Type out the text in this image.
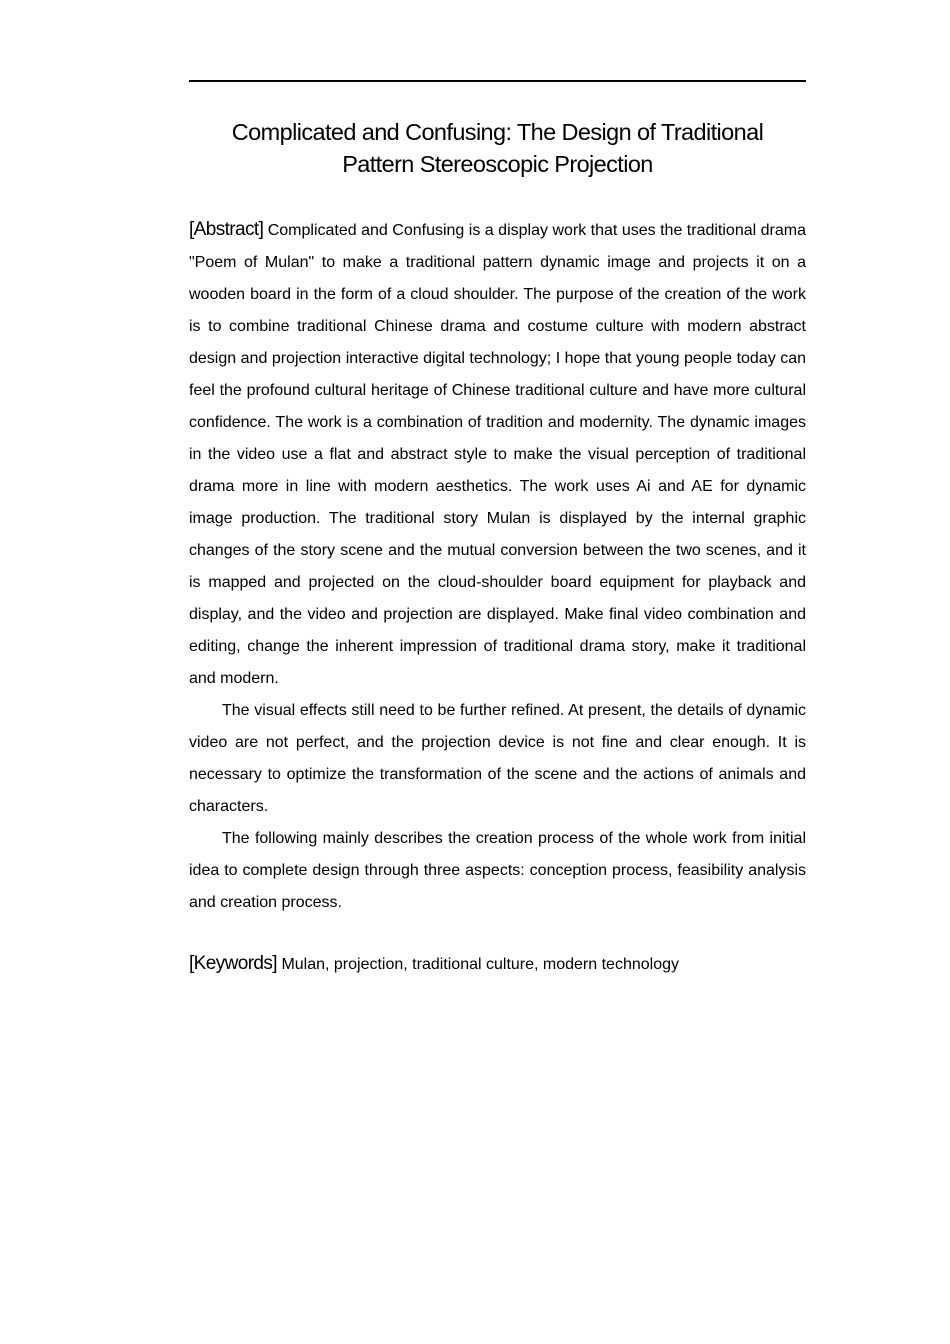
Complicated and Confusing: The Design of Traditional
Pattern Stereoscopic Projection

[Abstract] Complicated and Confusing is a display work that uses the traditional drama "Poem of Mulan" to make a traditional pattern dynamic image and projects it on a wooden board in the form of a cloud shoulder. The purpose of the creation of the work is to combine traditional Chinese drama and costume culture with modern abstract design and projection interactive digital technology; I hope that young people today can feel the profound cultural heritage of Chinese traditional culture and have more cultural confidence. The work is a combination of tradition and modernity. The dynamic images in the video use a flat and abstract style to make the visual perception of traditional drama more in line with modern aesthetics. The work uses Ai and AE for dynamic image production. The traditional story Mulan is displayed by the internal graphic changes of the story scene and the mutual conversion between the two scenes, and it is mapped and projected on the cloud-shoulder board equipment for playback and display, and the video and projection are displayed. Make final video combination and editing, change the inherent impression of traditional drama story, make it traditional and modern.

The visual effects still need to be further refined. At present, the details of dynamic video are not perfect, and the projection device is not fine and clear enough. It is necessary to optimize the transformation of the scene and the actions of animals and characters.

The following mainly describes the creation process of the whole work from initial idea to complete design through three aspects: conception process, feasibility analysis and creation process.

[Keywords] Mulan, projection, traditional culture, modern technology
